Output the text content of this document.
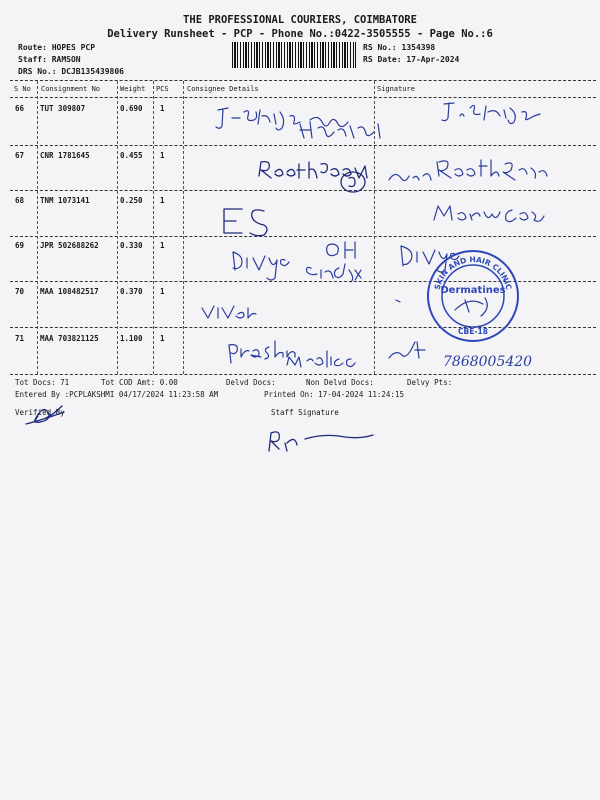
THE PROFESSIONAL COURIERS, COIMBATORE
Delivery Runsheet - PCP - Phone No.:0422-3505555 - Page No.:6
Route: HOPES PCP
Staff: RAMSON
DRS No.: DCJB135439806
RS No.: 1354398
RS Date: 17-Apr-2024
S No Consignment No	Weight PCS	Consignee Details	Signature
66 TUT 309807	0.690 1
67 CNR 1781645	0.455 1
68 TNM 1073141	0.250 1
69 JPR 502688262	0.330 1
70 MAA 108482517	0.370 1
71 MAA 703821125	1.100 1
7868005420
SKIN AND HAIR CLINIC
Dermatines
CBE-18
Tot Docs: 71	Tot COD Amt: 0.00	Delvd Docs:	Non Delvd Docs:	Delvy Pts:
Entered By :PCPLAKSHMI 04/17/2024 11:23:58 AM	Printed On: 17-04-2024 11:24:15
Verified By	Staff Signature
